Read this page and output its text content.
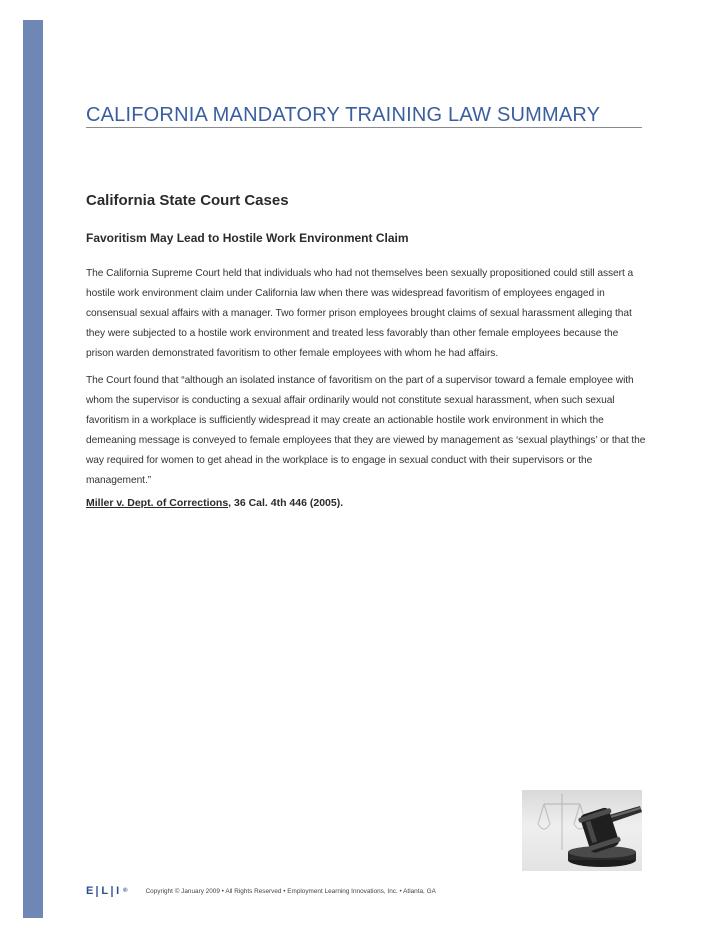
CALIFORNIA MANDATORY TRAINING LAW SUMMARY
California State Court Cases
Favoritism May Lead to Hostile Work Environment Claim
The California Supreme Court held that individuals who had not themselves been sexually propositioned could still assert a hostile work environment claim under California law when there was widespread favoritism of employees engaged in consensual sexual affairs with a manager. Two former prison employees brought claims of sexual harassment alleging that they were subjected to a hostile work environment and treated less favorably than other female employees because the prison warden demonstrated favoritism to other female employees with whom he had affairs.
The Court found that “although an isolated instance of favoritism on the part of a supervisor toward a female employee with whom the supervisor is conducting a sexual affair ordinarily would not constitute sexual harassment, when such sexual favoritism in a workplace is sufficiently widespread it may create an actionable hostile work environment in which the demeaning message is conveyed to female employees that they are viewed by management as ‘sexual playthings’ or that the way required for women to get ahead in the workplace is to engage in sexual conduct with their supervisors or the management.”
Miller v. Dept. of Corrections, 36 Cal. 4th 446 (2005).
E L I ®	Copyright © January 2009 • All Rights Reserved • Employment Learning Innovations, Inc. • Atlanta, GA
